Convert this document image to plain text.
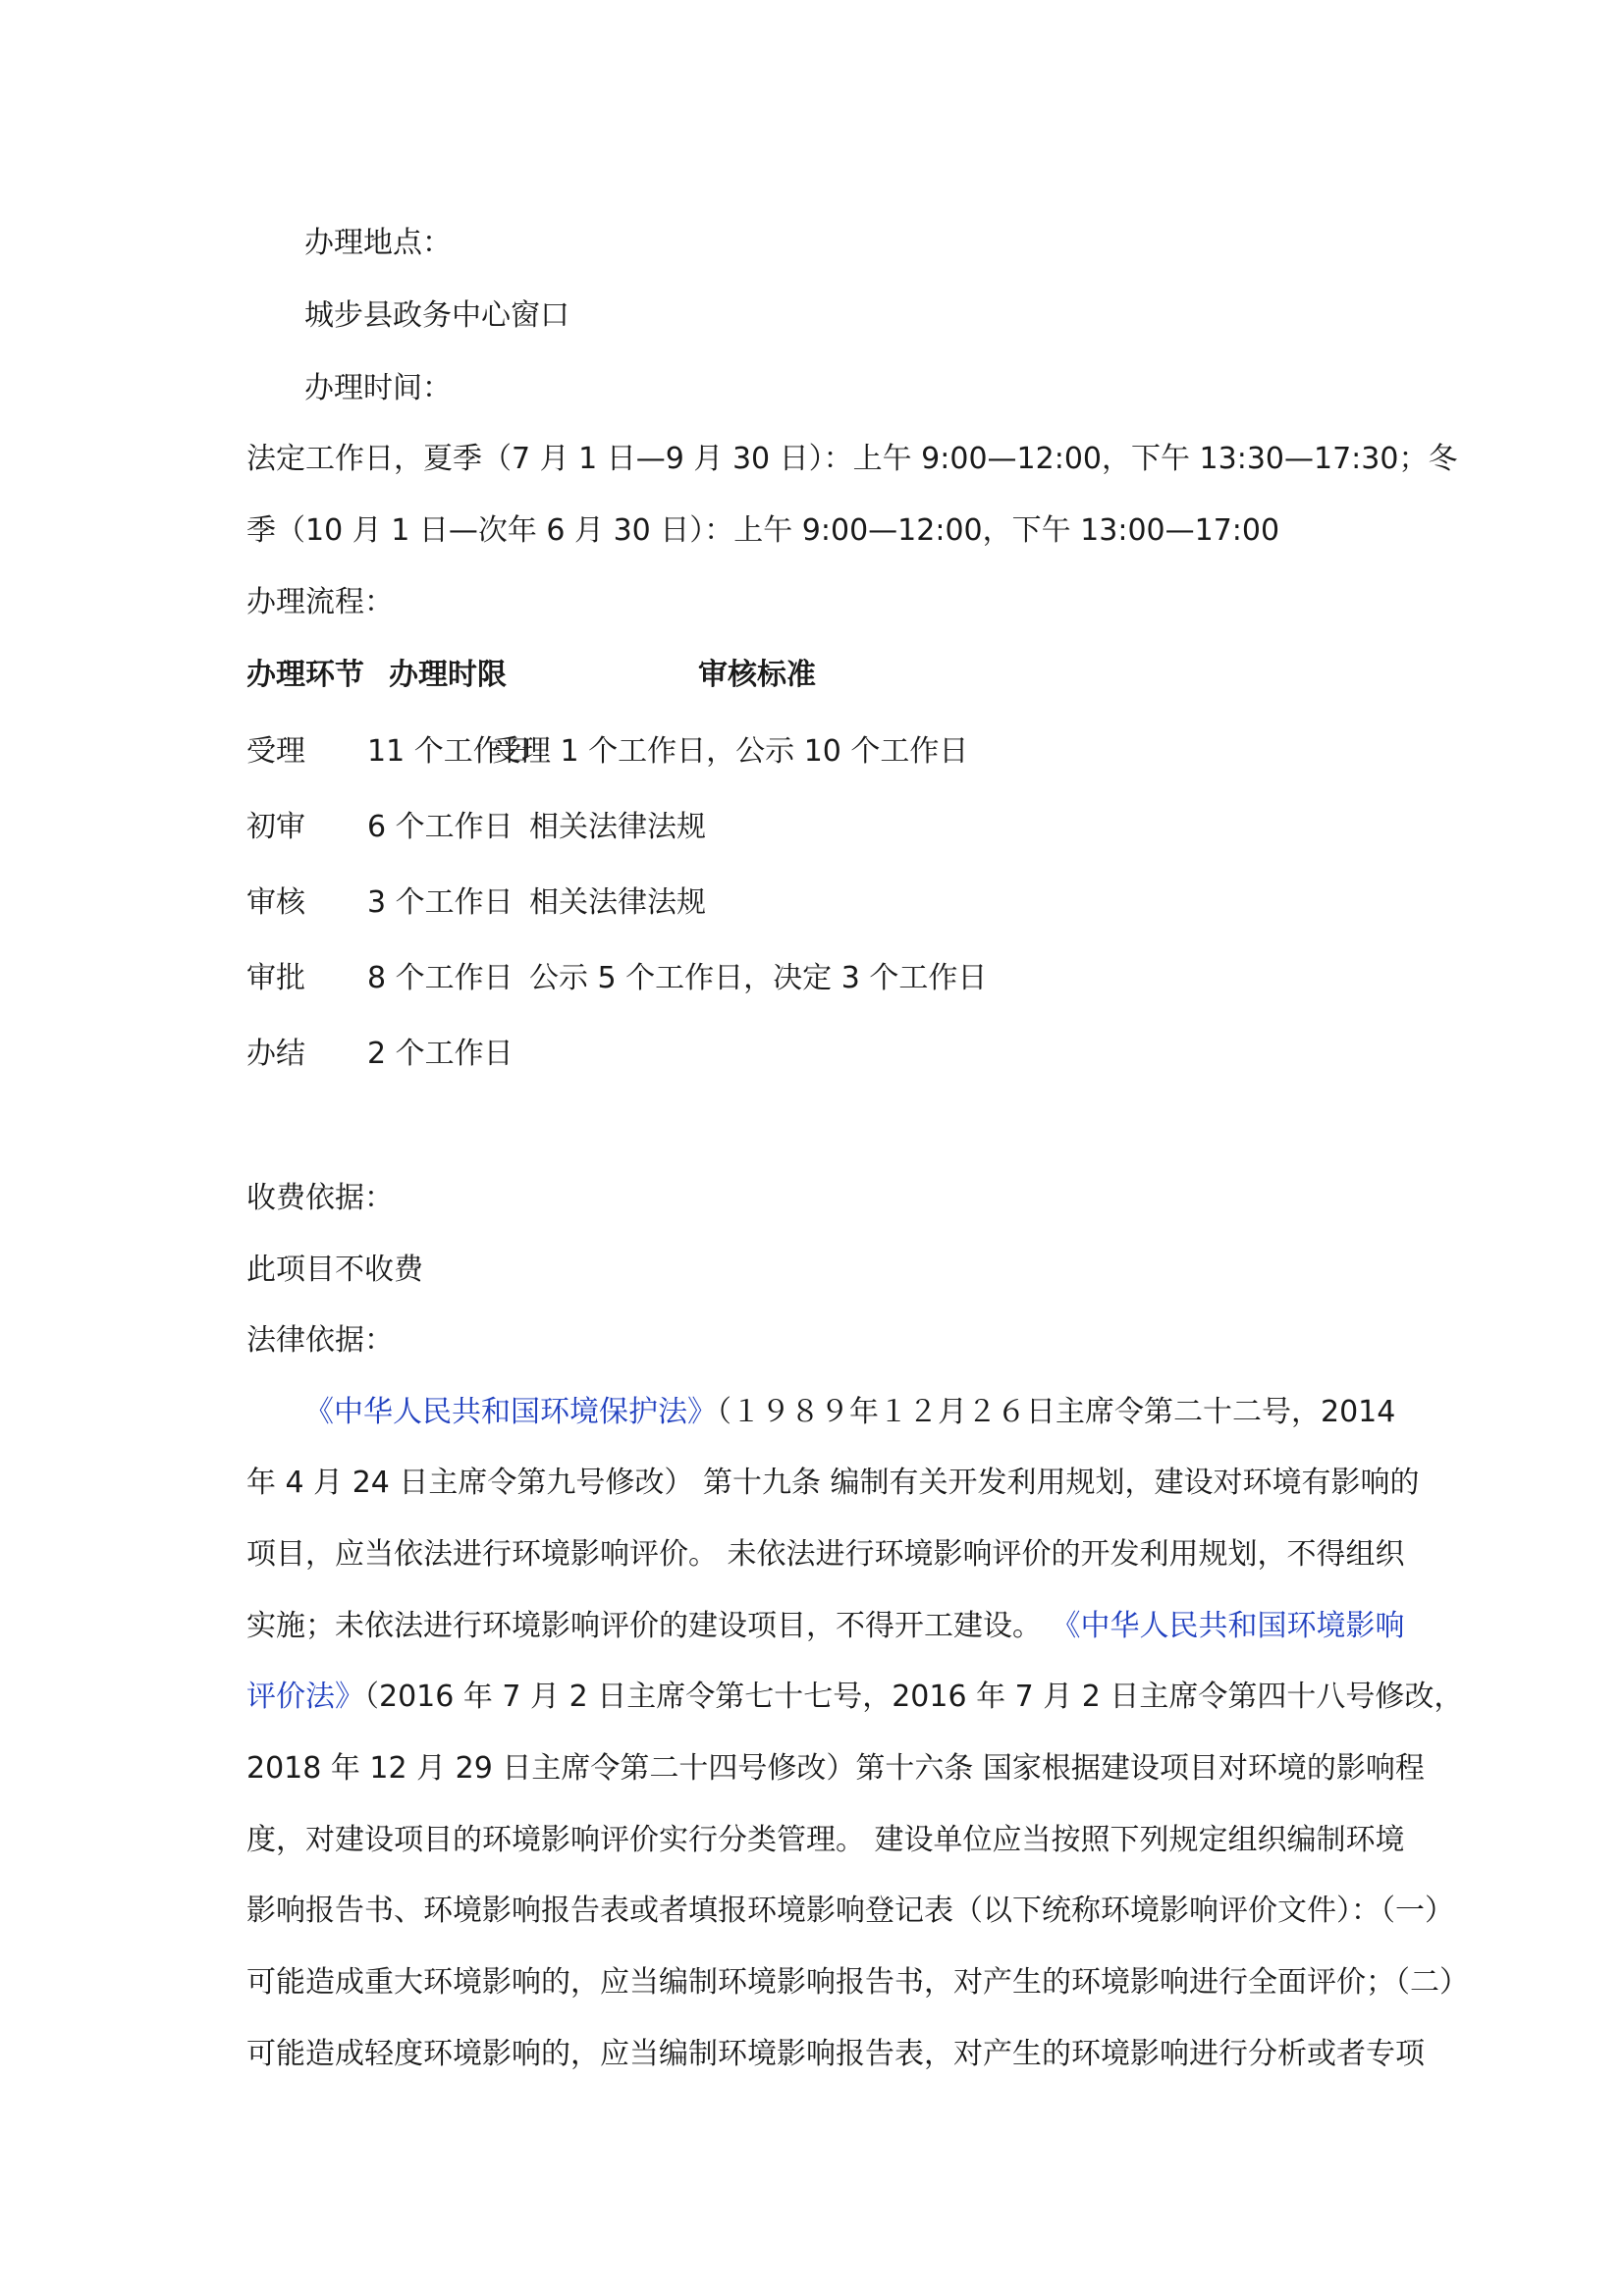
办理地点：
城步县政务中心窗口
办理时间：
法定工作日，夏季（7 月 1 日—9 月 30 日）：上午 9:00—12:00，下午 13:30—17:30；冬
季（10 月 1 日—次年 6 月 30 日）：上午 9:00—12:00，下午 13:00—17:00
办理流程：
办理环节 办理时限	审核标准
受理 11 个工作日
受理 1 个工作日，公示 10 个工作日
初审 6 个工作日 相关法律法规
审核 3 个工作日 相关法律法规
审批 8 个工作日 公示 5 个工作日，决定 3 个工作日
办结 2 个工作日
收费依据：
此项目不收费
法律依据：
《中华人民共和国环境保护法》（１９８９年１２月２６日主席令第二十二号，2014
年 4 月 24 日主席令第九号修改） 第十九条 编制有关开发利用规划，建设对环境有影响的
项目，应当依法进行环境影响评价。 未依法进行环境影响评价的开发利用规划，不得组织
实施；未依法进行环境影响评价的建设项目，不得开工建设。 《中华人民共和国环境影响
评价法》（2016 年 7 月 2 日主席令第七十七号，2016 年 7 月 2 日主席令第四十八号修改，
2018 年 12 月 29 日主席令第二十四号修改）第十六条 国家根据建设项目对环境的影响程
度，对建设项目的环境影响评价实行分类管理。 建设单位应当按照下列规定组织编制环境
影响报告书、环境影响报告表或者填报环境影响登记表（以下统称环境影响评价文件）：（一）
可能造成重大环境影响的，应当编制环境影响报告书，对产生的环境影响进行全面评价；（二）
可能造成轻度环境影响的，应当编制环境影响报告表，对产生的环境影响进行分析或者专项
